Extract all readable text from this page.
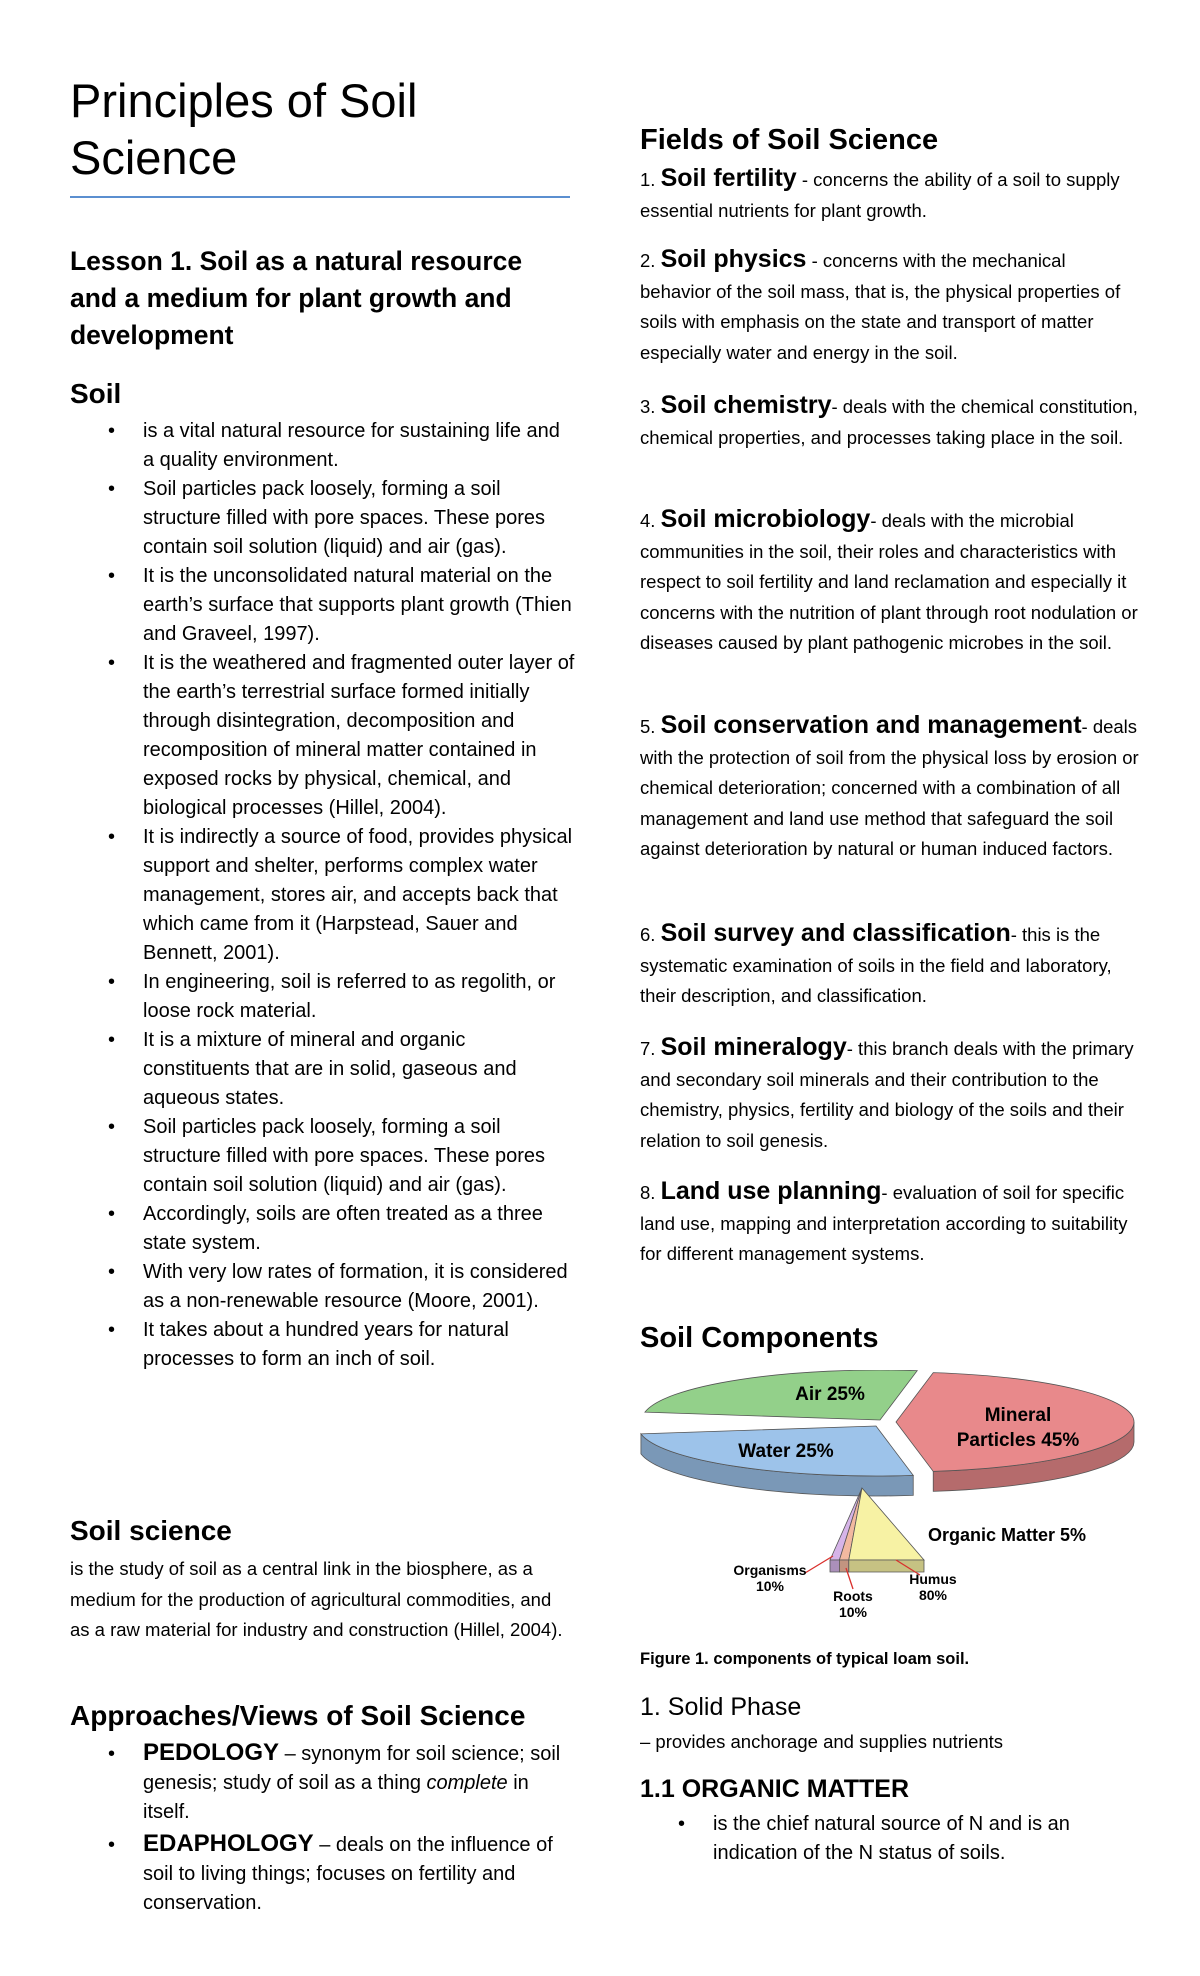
Principles of Soil Science
Lesson 1. Soil as a natural resource and a medium for plant growth and development
Soil
• is a vital natural resource for sustaining life and a quality environment.
• Soil particles pack loosely, forming a soil structure filled with pore spaces. These pores contain soil solution (liquid) and air (gas).
• It is the unconsolidated natural material on the earth’s surface that supports plant growth (Thien and Graveel, 1997).
• It is the weathered and fragmented outer layer of the earth’s terrestrial surface formed initially through disintegration, decomposition and recomposition of mineral matter contained in exposed rocks by physical, chemical, and biological processes (Hillel, 2004).
• It is indirectly a source of food, provides physical support and shelter, performs complex water management, stores air, and accepts back that which came from it (Harpstead, Sauer and Bennett, 2001).
• In engineering, soil is referred to as regolith, or loose rock material.
• It is a mixture of mineral and organic constituents that are in solid, gaseous and aqueous states.
• Soil particles pack loosely, forming a soil structure filled with pore spaces. These pores contain soil solution (liquid) and air (gas).
• Accordingly, soils are often treated as a three state system.
• With very low rates of formation, it is considered as a non-renewable resource (Moore, 2001).
• It takes about a hundred years for natural processes to form an inch of soil.
Soil science

is the study of soil as a central link in the biosphere, as a medium for the production of agricultural commodities, and as a raw material for industry and construction (Hillel, 2004).

Approaches/Views of Soil Science
• PEDOLOGY – synonym for soil science; soil genesis; study of soil as a thing complete in itself.
• EDAPHOLOGY – deals on the influence of soil to living things; focuses on fertility and conservation.
Fields of Soil Science
1. Soil fertility - concerns the ability of a soil to supply essential nutrients for plant growth.
2. Soil physics - concerns with the mechanical behavior of the soil mass, that is, the physical properties of soils with emphasis on the state and transport of matter especially water and energy in the soil.
3. Soil chemistry- deals with the chemical constitution, chemical properties, and processes taking place in the soil.
4. Soil microbiology- deals with the microbial communities in the soil, their roles and characteristics with respect to soil fertility and land reclamation and especially it concerns with the nutrition of plant through root nodulation or diseases caused by plant pathogenic microbes in the soil.
5. Soil conservation and management- deals with the protection of soil from the physical loss by erosion or chemical deterioration; concerned with a combination of all management and land use method that safeguard the soil against deterioration by natural or human induced factors.
6. Soil survey and classification- this is the systematic examination of soils in the field and laboratory, their description, and classification.
7. Soil mineralogy- this branch deals with the primary and secondary soil minerals and their contribution to the chemistry, physics, fertility and biology of the soils and their relation to soil genesis.
8. Land use planning- evaluation of soil for specific land use, mapping and interpretation according to suitability for different management systems.
Soil Components
Air 25%
Water 25%
Mineral
Particles 45%
Organic Matter 5%
Organisms
10%
Roots
10%
Humus
80%
Figure 1. components of typical loam soil.
1. Solid Phase

– provides anchorage and supplies nutrients

1.1 ORGANIC MATTER
• is the chief natural source of N and is an indication of the N status of soils.
